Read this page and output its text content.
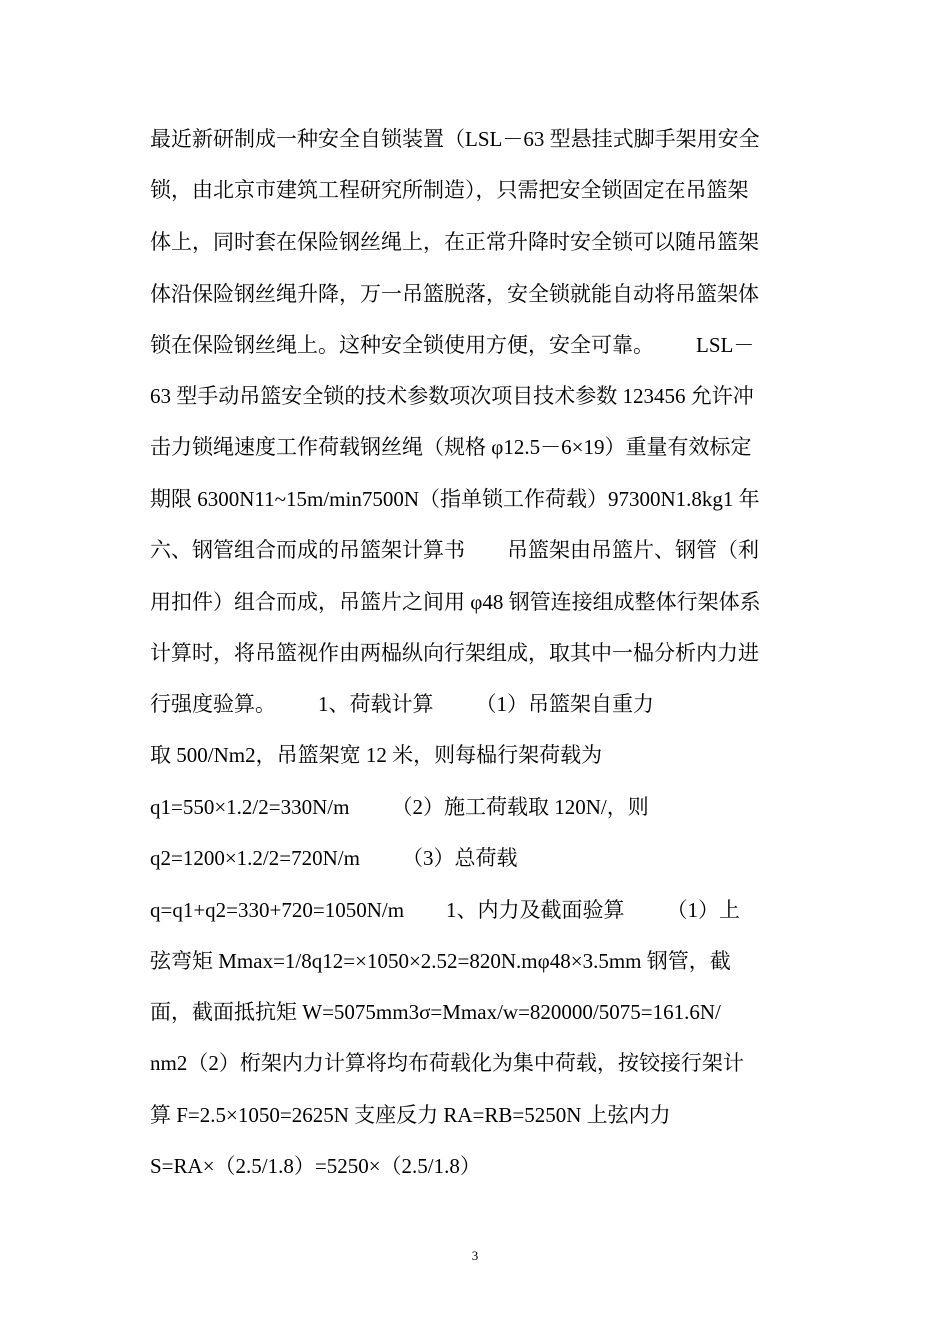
最近新研制成一种安全自锁装置（LSL－63 型悬挂式脚手架用安全
锁，由北京市建筑工程研究所制造），只需把安全锁固定在吊篮架
体上，同时套在保险钢丝绳上，在正常升降时安全锁可以随吊篮架
体沿保险钢丝绳升降，万一吊篮脱落，安全锁就能自动将吊篮架体
锁在保险钢丝绳上。这种安全锁使用方便，安全可靠。        LSL－
63 型手动吊篮安全锁的技术参数项次项目技术参数 123456 允许冲
击力锁绳速度工作荷载钢丝绳（规格 φ12.5－6×19）重量有效标定
期限 6300N11~15m/min7500N（指单锁工作荷载）97300N1.8kg1 年
六、钢管组合而成的吊篮架计算书        吊篮架由吊篮片、钢管（利
用扣件）组合而成，吊篮片之间用 φ48 钢管连接组成整体行架体系
计算时，将吊篮视作由两榀纵向行架组成，取其中一榀分析内力进
行强度验算。        1、荷载计算        （1）吊篮架自重力
取 500/Nm2，吊篮架宽 12 米，则每榀行架荷载为
q1=550×1.2/2=330N/m        （2）施工荷载取 120N/，则
q2=1200×1.2/2=720N/m        （3）总荷载
q=q1+q2=330+720=1050N/m        1、内力及截面验算        （1）上
弦弯矩 Mmax=1/8q12=×1050×2.52=820N.mφ48×3.5mm 钢管，截
面，截面抵抗矩 W=5075mm3σ=Mmax/w=820000/5075=161.6N/
nm2（2）桁架内力计算将均布荷载化为集中荷载，按铰接行架计
算 F=2.5×1050=2625N 支座反力 RA=RB=5250N 上弦内力
S=RA×（2.5/1.8）=5250×（2.5/1.8）
3
